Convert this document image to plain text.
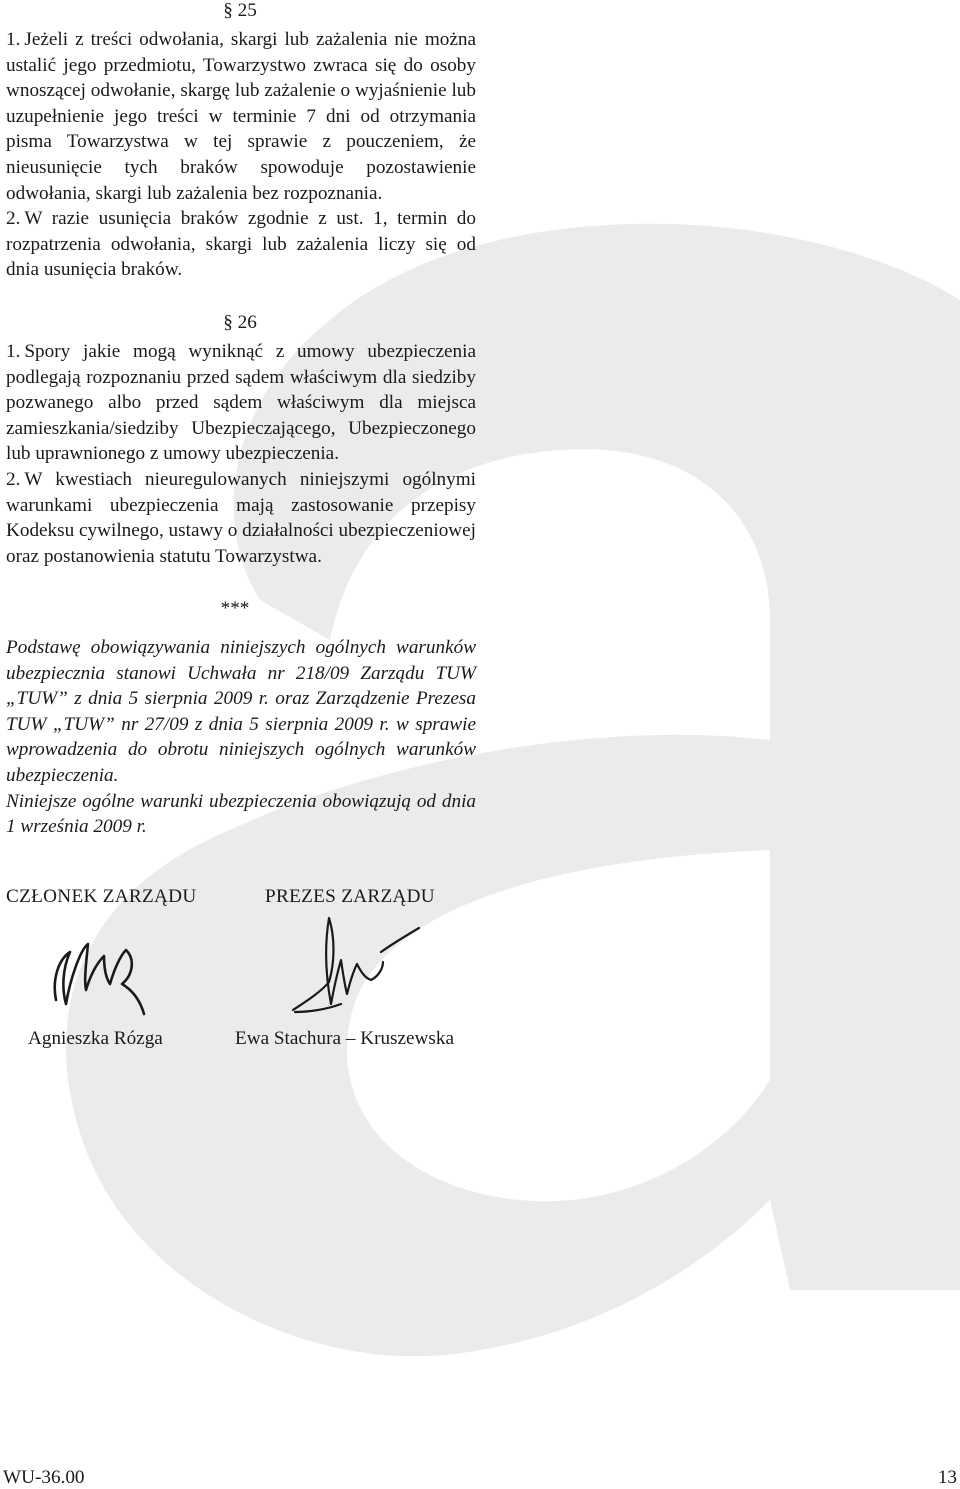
§ 25

1. Jeżeli z treści odwołania, skargi lub zażalenia nie można ustalić jego przedmiotu, Towarzystwo zwraca się do osoby wnoszącej odwołanie, skargę lub zażalenie o wyjaśnienie lub uzupełnienie jego treści w terminie 7 dni od otrzymania pisma Towarzystwa w tej sprawie z pouczeniem, że nieusunięcie tych braków spowoduje pozostawienie odwołania, skargi lub zażalenia bez rozpoznania.

2. W razie usunięcia braków zgodnie z ust. 1, termin do rozpatrzenia odwołania, skargi lub zażalenia liczy się od dnia usunięcia braków.

§ 26

1. Spory jakie mogą wyniknąć z umowy ubezpieczenia podlegają rozpoznaniu przed sądem właściwym dla siedziby pozwanego albo przed sądem właściwym dla miejsca zamieszkania/siedziby Ubezpieczającego, Ubezpieczonego lub uprawnionego z umowy ubezpieczenia.

2. W kwestiach nieuregulowanych niniejszymi ogólnymi warunkami ubezpieczenia mają zastosowanie przepisy Kodeksu cywilnego, ustawy o działalności ubezpieczeniowej oraz postanowienia statutu Towarzystwa.

***

Podstawę obowiązywania niniejszych ogólnych warunków ubezpiecznia stanowi Uchwała nr 218/09 Zarządu TUW „TUW” z dnia 5 sierpnia 2009 r. oraz Zarządzenie Prezesa TUW „TUW” nr 27/09 z dnia 5 sierpnia 2009 r. w sprawie wprowadzenia do obrotu niniejszych ogólnych warunków ubezpieczenia.

Niniejsze ogólne warunki ubezpieczenia obowiązują od dnia 1 września 2009 r.

CZŁONEK ZARZĄDU	PREZES ZARZĄDU
Agnieszka Rózga	Ewa Stachura – Kruszewska
WU-36.00	13
